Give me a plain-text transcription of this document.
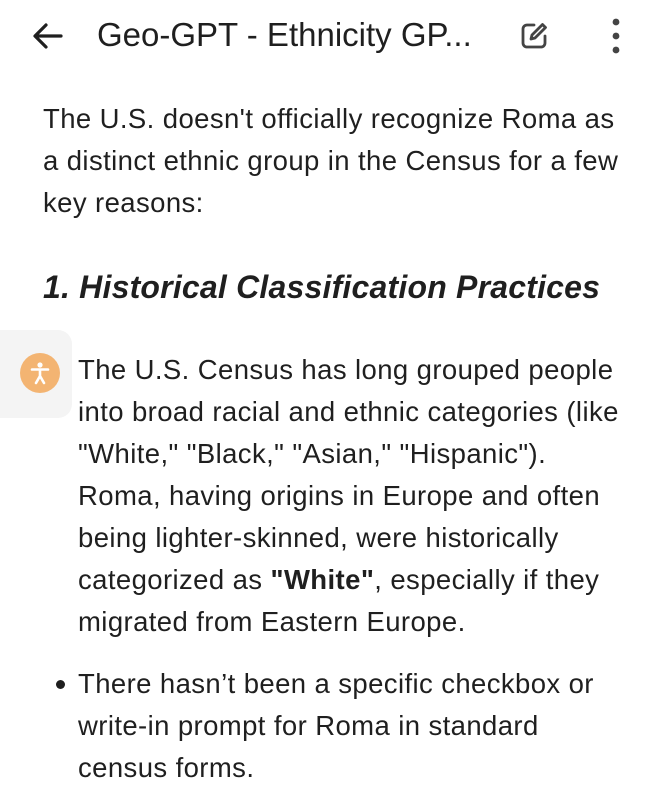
Geo-GPT - Ethnicity GP...

The U.S. doesn't officially recognize Roma as a distinct ethnic group in the Census for a few key reasons:

1. Historical Classification Practices
The U.S. Census has long grouped people into broad racial and ethnic categories (like "White," "Black," "Asian," "Hispanic"). Roma, having origins in Europe and often being lighter-skinned, were historically categorized as "White", especially if they migrated from Eastern Europe.
There hasn’t been a specific checkbox or write-in prompt for Roma in standard census forms.
